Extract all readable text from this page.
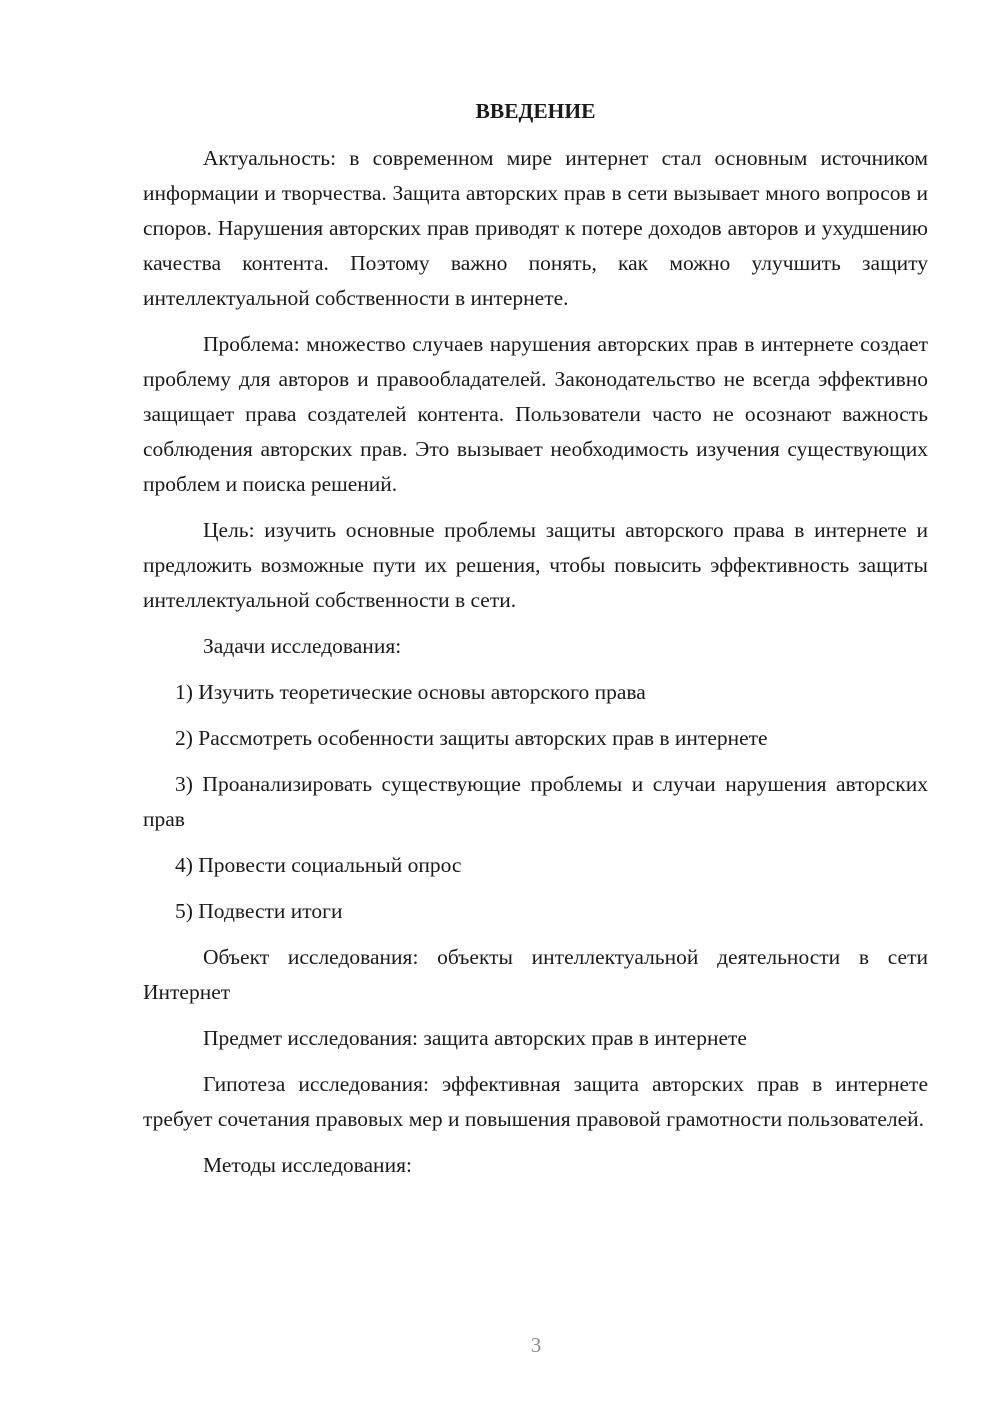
ВВЕДЕНИЕ

Актуальность: в современном мире интернет стал основным источником информации и творчества. Защита авторских прав в сети вызывает много вопросов и споров. Нарушения авторских прав приводят к потере доходов авторов и ухудшению качества контента. Поэтому важно понять, как можно улучшить защиту интеллектуальной собственности в интернете.

Проблема: множество случаев нарушения авторских прав в интернете создает проблему для авторов и правообладателей. Законодательство не всегда эффективно защищает права создателей контента. Пользователи часто не осознают важность соблюдения авторских прав. Это вызывает необходимость изучения существующих проблем и поиска решений.

Цель: изучить основные проблемы защиты авторского права в интернете и предложить возможные пути их решения, чтобы повысить эффективность защиты интеллектуальной собственности в сети.

Задачи исследования:

1) Изучить теоретические основы авторского права

2) Рассмотреть особенности защиты авторских прав в интернете

3) Проанализировать существующие проблемы и случаи нарушения авторских прав

4) Провести социальный опрос

5) Подвести итоги

Объект исследования: объекты интеллектуальной деятельности в сети Интернет

Предмет исследования: защита авторских прав в интернете

Гипотеза исследования: эффективная защита авторских прав в интернете требует сочетания правовых мер и повышения правовой грамотности пользователей.

Методы исследования:

3
